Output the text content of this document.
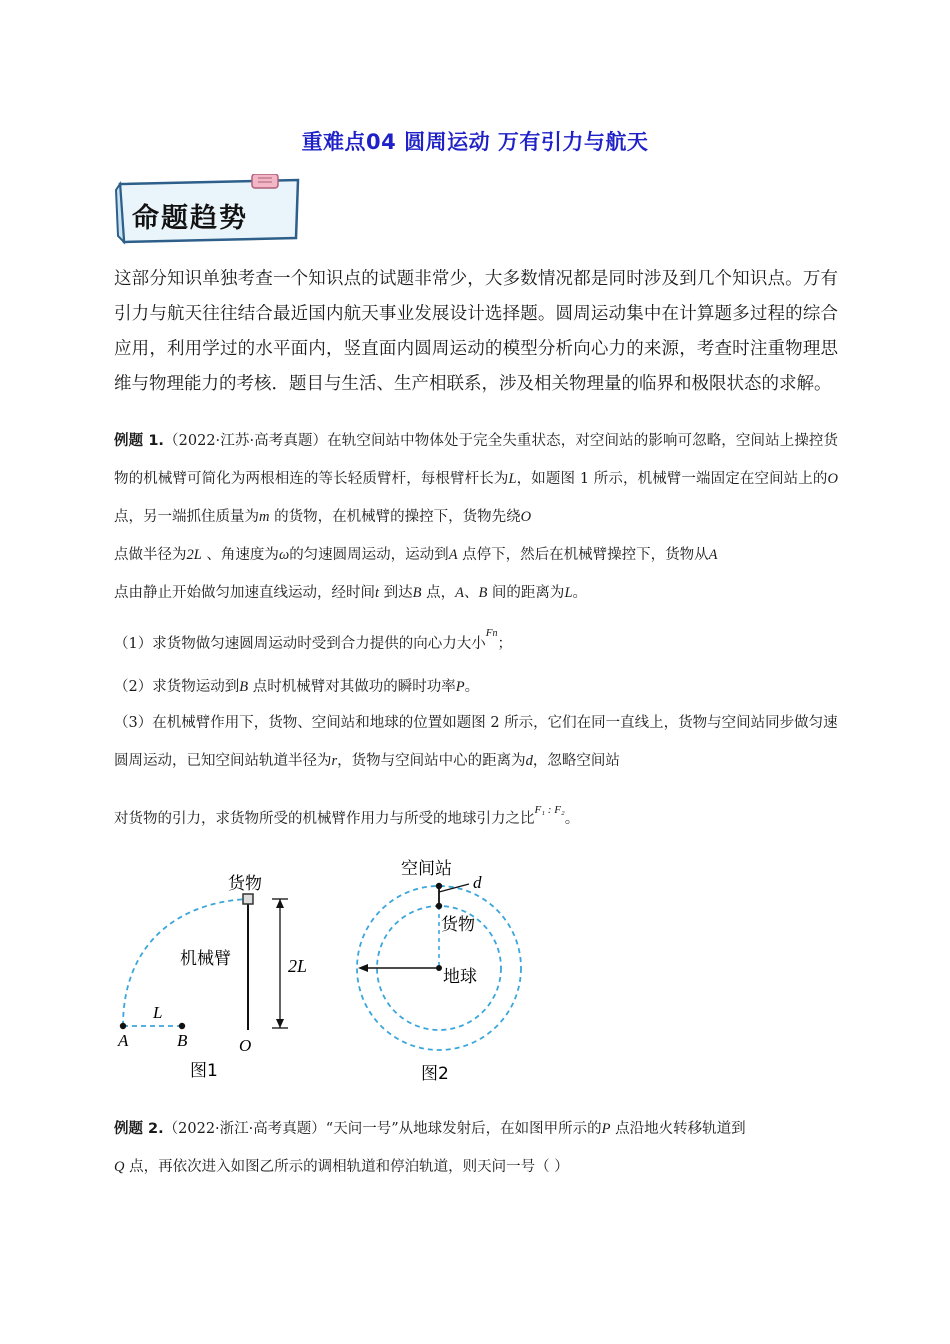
重难点04 圆周运动 万有引力与航天
命题趋势
这部分知识单独考查一个知识点的试题非常少，大多数情况都是同时涉及到几个知识点。万有引力与航天往往结合最近国内航天事业发展设计选择题。圆周运动集中在计算题多过程的综合应用，利用学过的水平面内，竖直面内圆周运动的模型分析向心力的来源，考查时注重物理思维与物理能力的考核．题目与生活、生产相联系，涉及相关物理量的临界和极限状态的求解。
例题 1.（2022·江苏·高考真题）在轨空间站中物体处于完全失重状态，对空间站的影响可忽略，空间站上操控货物的机械臂可简化为两根相连的等长轻质臂杆，每根臂杆长为L，如题图 1 所示，机械臂一端固定在空间站上的O 点，另一端抓住质量为m 的货物，在机械臂的操控下，货物先绕O
点做半径为2L 、角速度为ω的匀速圆周运动，运动到A 点停下，然后在机械臂操控下，货物从A
点由静止开始做匀加速直线运动，经时间t 到达B 点，A、B 间的距离为L。
（1）求货物做匀速圆周运动时受到合力提供的向心力大小$^{Fn}$；
（2）求货物运动到B 点时机械臂对其做功的瞬时功率P。
（3）在机械臂作用下，货物、空间站和地球的位置如题图 2 所示，它们在同一直线上，货物与空间站同步做匀速圆周运动，已知空间站轨道半径为r，货物与空间站中心的距离为d，忽略空间站
对货物的引力，求货物所受的机械臂作用力与所受的地球引力之比$^{F_1 : F_2}$。
货物
机械臂	2L
L
A	B	O
图1
空间站
d
货物
地球
图2
例题 2.（2022·浙江·高考真题）“天问一号”从地球发射后，在如图甲所示的P 点沿地火转移轨道到
Q 点，再依次进入如图乙所示的调相轨道和停泊轨道，则天问一号（ ）
